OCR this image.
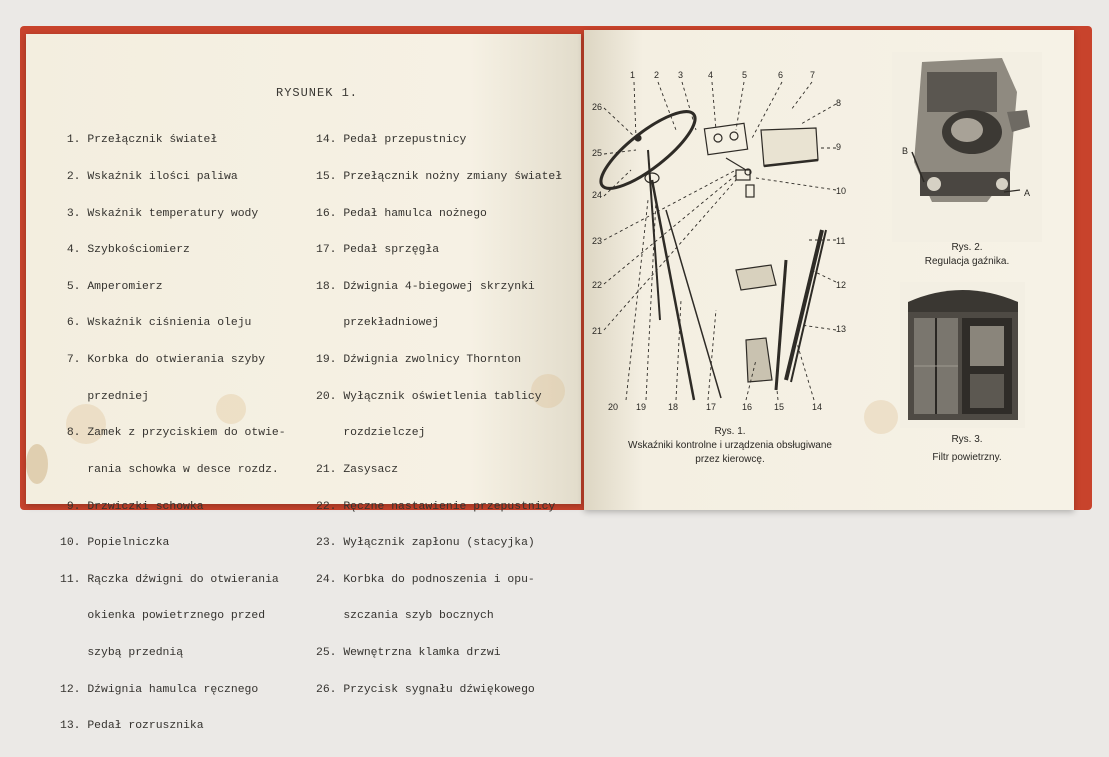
RYSUNEK 1.

1. Przełącznik świateł

2. Wskaźnik ilości paliwa

3. Wskaźnik temperatury wody

4. Szybkościomierz

5. Amperomierz

6. Wskaźnik ciśnienia oleju

7. Korbka do otwierania szyby

przedniej

8. Zamek z przyciskiem do otwie-

rania schowka w desce rozdz.

9. Drzwiczki schowka

10. Popielniczka

11. Rączka dźwigni do otwierania

okienka powietrznego przed

szybą przednią

12. Dźwignia hamulca ręcznego

13. Pedał rozrusznika

14. Pedał przepustnicy

15. Przełącznik nożny zmiany świateł

16. Pedał hamulca nożnego

17. Pedał sprzęgła

18. Dźwignia 4-biegowej skrzynki

przekładniowej

19. Dźwignia zwolnicy Thornton

20. Wyłącznik oświetlenia tablicy

rozdzielczej

21. Zasysacz

22. Ręczne nastawienie przepustnicy

23. Wyłącznik zapłonu (stacyjka)

24. Korbka do podnoszenia i opu-

szczania szyb bocznych

25. Wewnętrzna klamka drzwi

26. Przycisk sygnału dźwiękowego

1 2 3	4	5	6	7
8
9
10
11
12
13
20 19 18	17	16 15	14
26
25
24
23
22
21
Rys. 1.
Wskaźniki kontrolne i urządzenia obsługiwane
przez kierowcę.
B
A
Rys. 2.
Regulacja gaźnika.
Rys. 3.
Filtr powietrzny.
